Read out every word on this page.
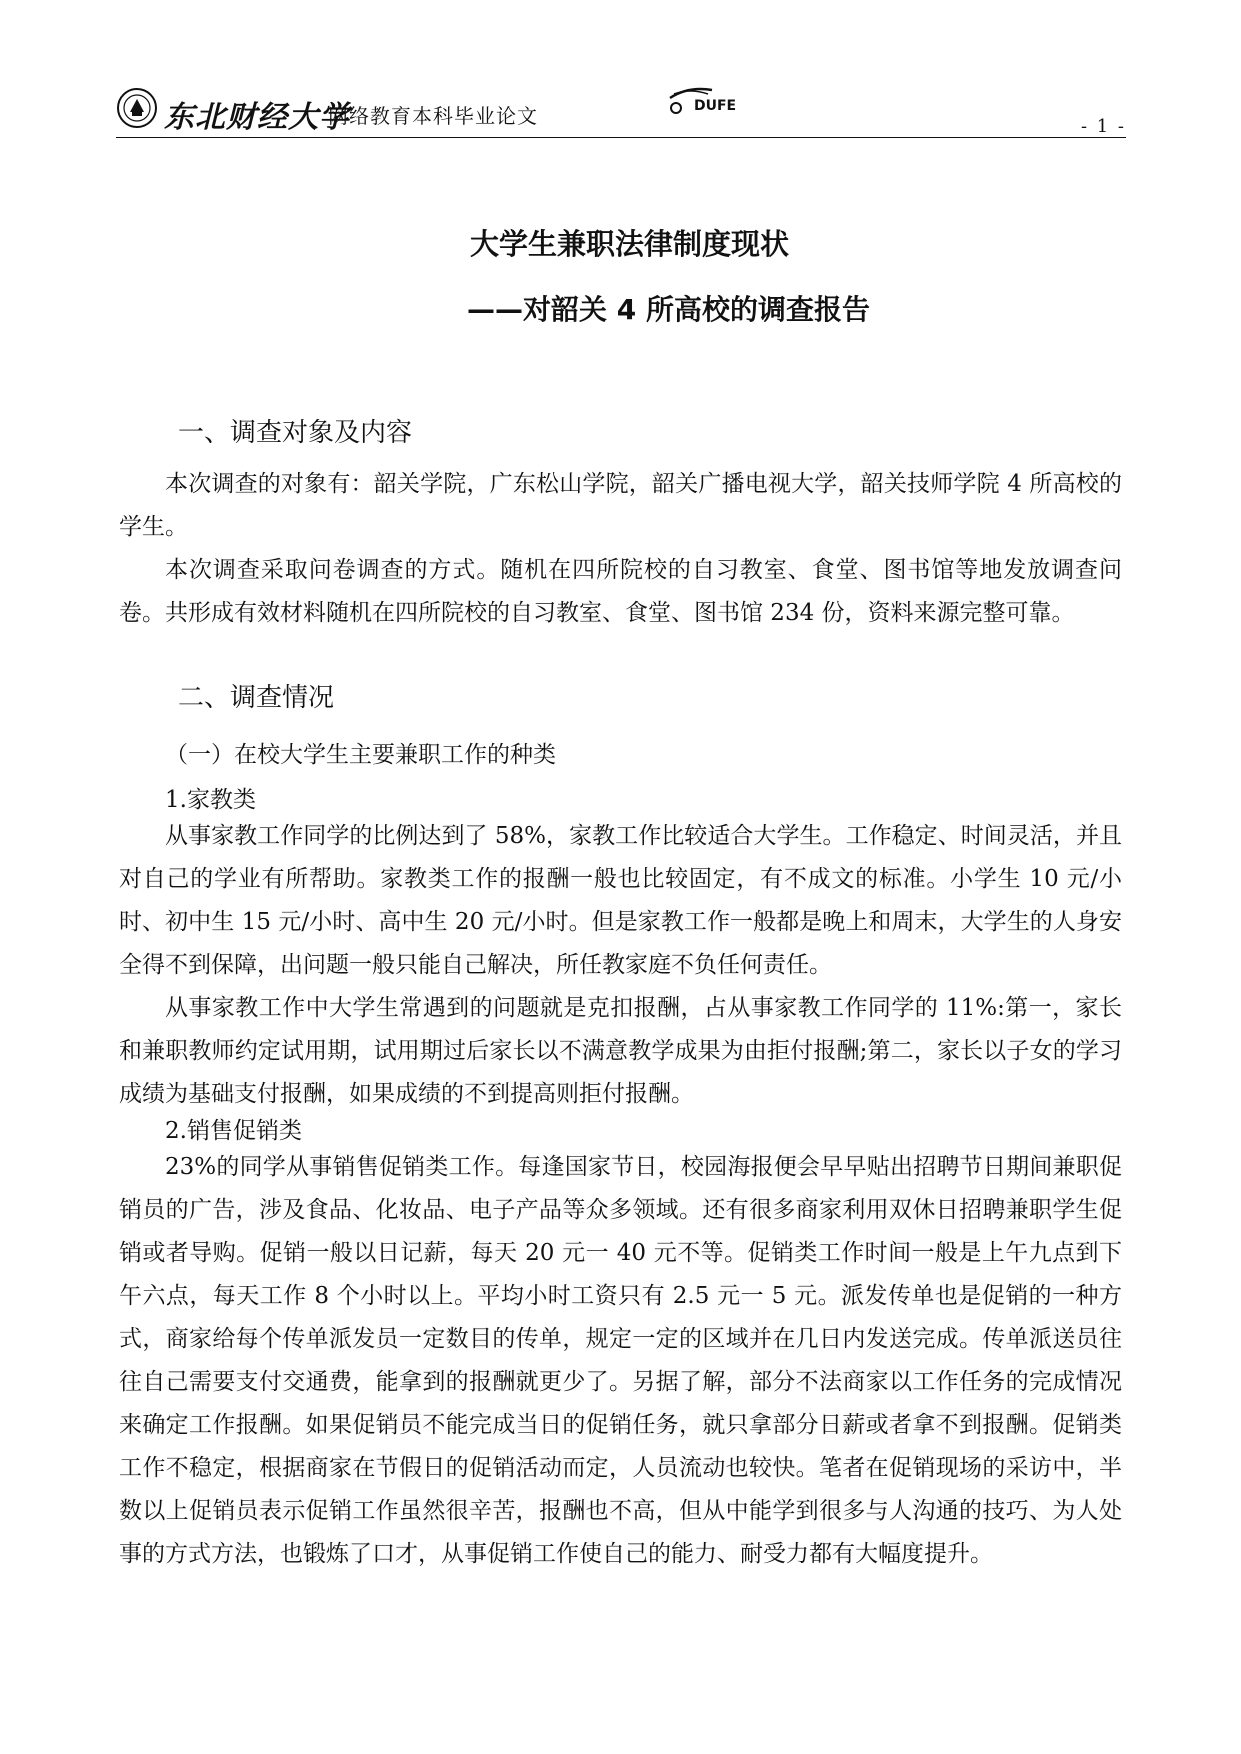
东北财经大学
网络教育本科毕业论文	DUFE
- 1 -
大学生兼职法律制度现状
——对韶关 4 所高校的调查报告
一、调查对象及内容
本次调查的对象有：韶关学院，广东松山学院，韶关广播电视大学，韶关技师学院 4 所高校的学生。
本次调查采取问卷调查的方式。随机在四所院校的自习教室、食堂、图书馆等地发放调查问卷。共形成有效材料随机在四所院校的自习教室、食堂、图书馆 234 份，资料来源完整可靠。
二、调查情况
（一）在校大学生主要兼职工作的种类
1.家教类
从事家教工作同学的比例达到了 58%，家教工作比较适合大学生。工作稳定、时间灵活，并且对自己的学业有所帮助。家教类工作的报酬一般也比较固定，有不成文的标准。小学生 10 元/小时、初中生 15 元/小时、高中生 20 元/小时。但是家教工作一般都是晚上和周末，大学生的人身安全得不到保障，出问题一般只能自己解决，所任教家庭不负任何责任。
从事家教工作中大学生常遇到的问题就是克扣报酬，占从事家教工作同学的 11%:第一，家长和兼职教师约定试用期，试用期过后家长以不满意教学成果为由拒付报酬;第二，家长以子女的学习成绩为基础支付报酬，如果成绩的不到提高则拒付报酬。
2.销售促销类
23%的同学从事销售促销类工作。每逢国家节日，校园海报便会早早贴出招聘节日期间兼职促销员的广告，涉及食品、化妆品、电子产品等众多领域。还有很多商家利用双休日招聘兼职学生促销或者导购。促销一般以日记薪，每天 20 元一 40 元不等。促销类工作时间一般是上午九点到下午六点，每天工作 8 个小时以上。平均小时工资只有 2.5 元一 5 元。派发传单也是促销的一种方式，商家给每个传单派发员一定数目的传单，规定一定的区域并在几日内发送完成。传单派送员往往自己需要支付交通费，能拿到的报酬就更少了。另据了解，部分不法商家以工作任务的完成情况来确定工作报酬。如果促销员不能完成当日的促销任务，就只拿部分日薪或者拿不到报酬。促销类工作不稳定，根据商家在节假日的促销活动而定，人员流动也较快。笔者在促销现场的采访中，半数以上促销员表示促销工作虽然很辛苦，报酬也不高，但从中能学到很多与人沟通的技巧、为人处事的方式方法，也锻炼了口才，从事促销工作使自己的能力、耐受力都有大幅度提升。
